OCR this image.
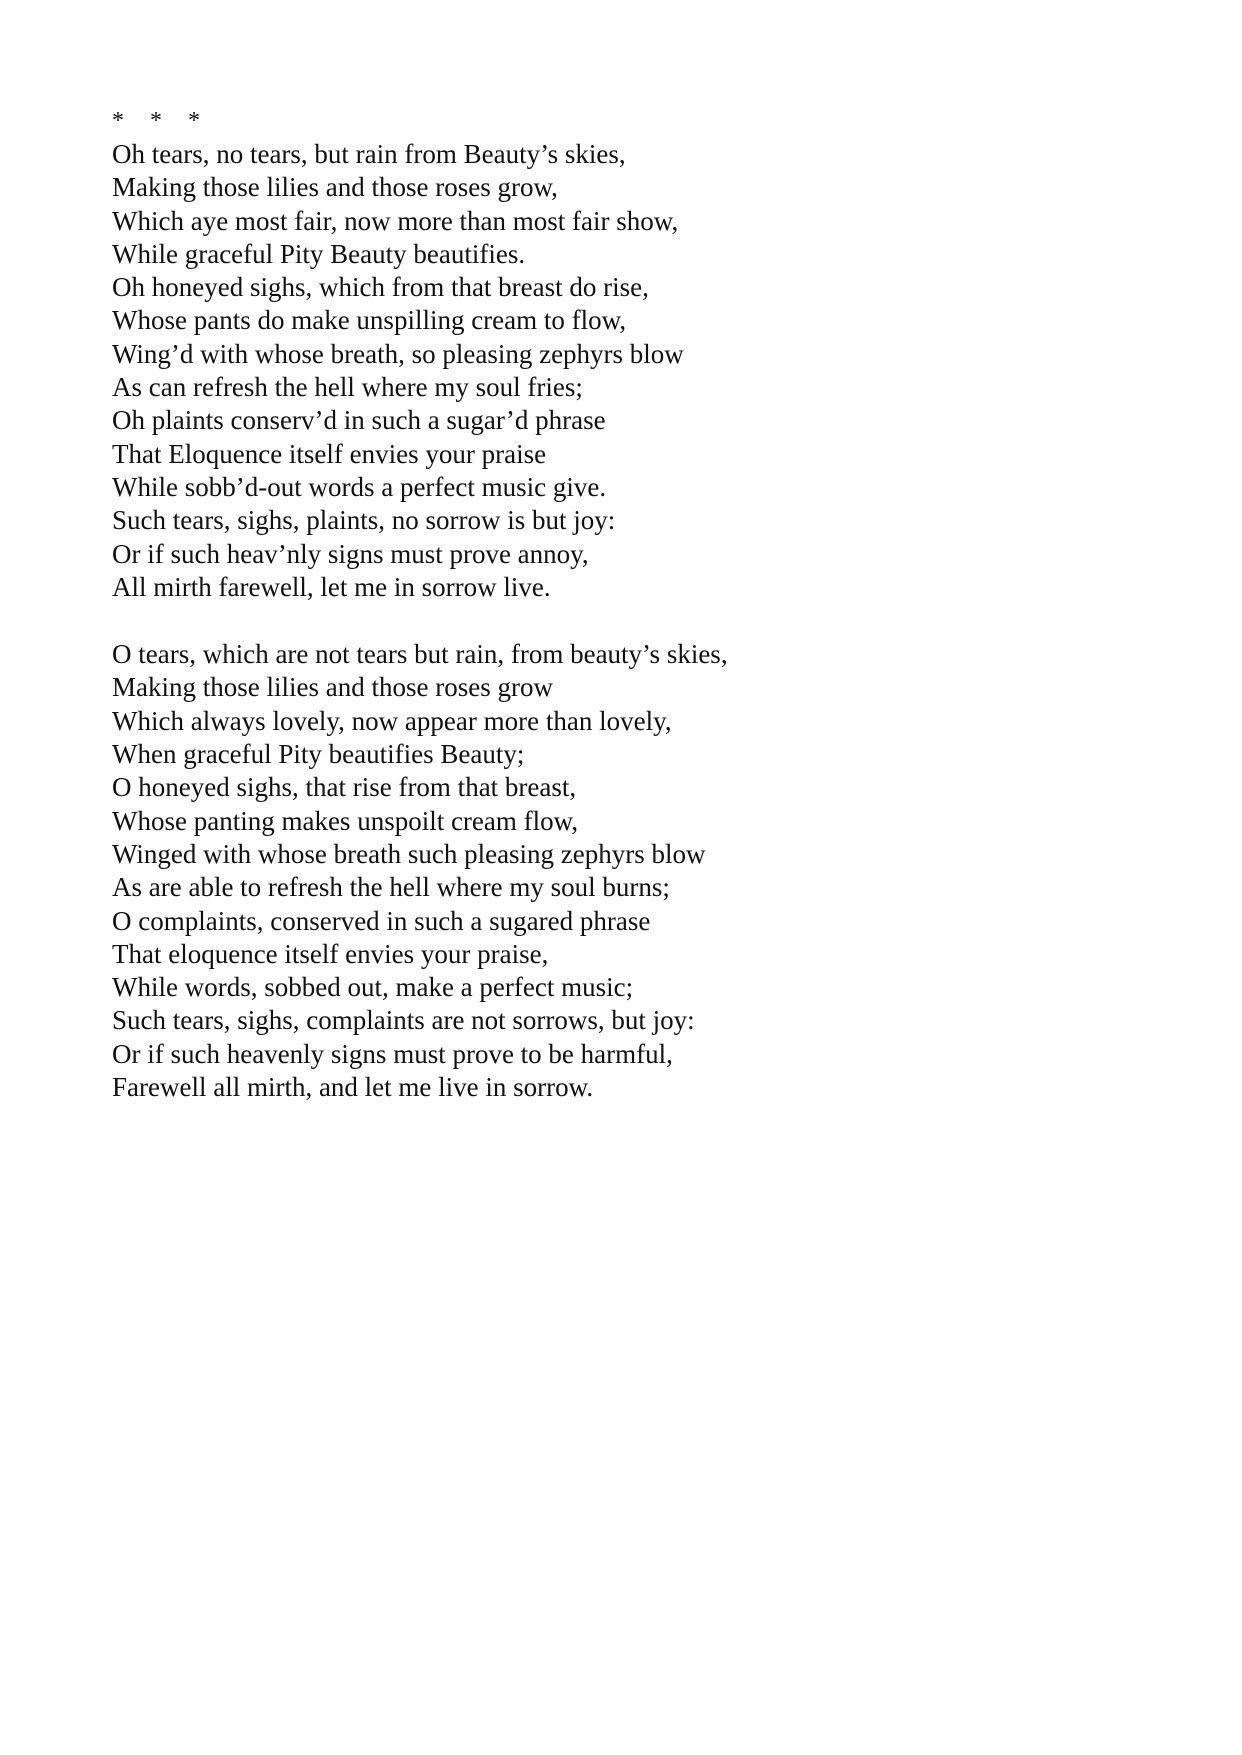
* * *
Oh tears, no tears, but rain from Beauty’s skies,
Making those lilies and those roses grow,
Which aye most fair, now more than most fair show,
While graceful Pity Beauty beautifies.
Oh honeyed sighs, which from that breast do rise,
Whose pants do make unspilling cream to flow,
Wing’d with whose breath, so pleasing zephyrs blow
As can refresh the hell where my soul fries;
Oh plaints conserv’d in such a sugar’d phrase
That Eloquence itself envies your praise
While sobb’d-out words a perfect music give.
Such tears, sighs, plaints, no sorrow is but joy:
Or if such heav’nly signs must prove annoy,
All mirth farewell, let me in sorrow live.
O tears, which are not tears but rain, from beauty’s skies,
Making those lilies and those roses grow
Which always lovely, now appear more than lovely,
When graceful Pity beautifies Beauty;
O honeyed sighs, that rise from that breast,
Whose panting makes unspoilt cream flow,
Winged with whose breath such pleasing zephyrs blow
As are able to refresh the hell where my soul burns;
O complaints, conserved in such a sugared phrase
That eloquence itself envies your praise,
While words, sobbed out, make a perfect music;
Such tears, sighs, complaints are not sorrows, but joy:
Or if such heavenly signs must prove to be harmful,
Farewell all mirth, and let me live in sorrow.
